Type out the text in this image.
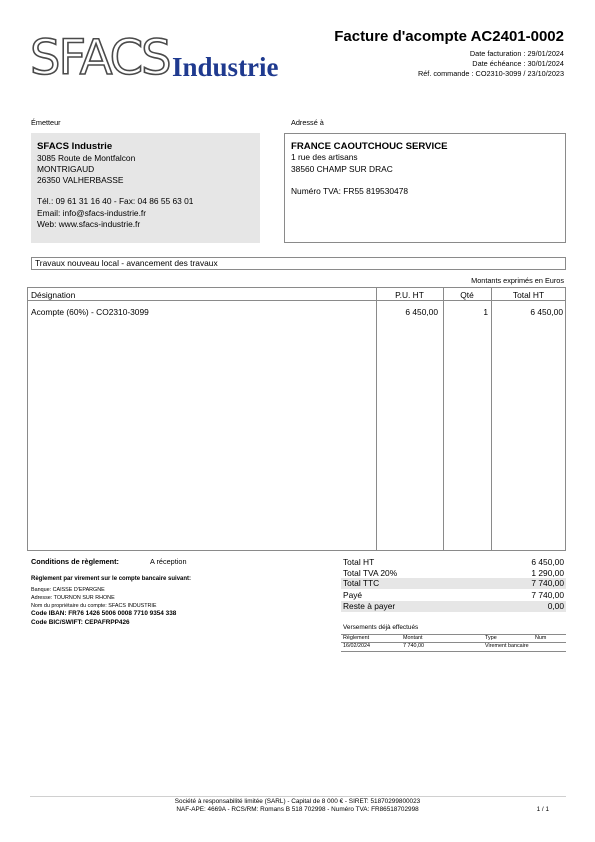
SFACS Industrie
Facture d'acompte AC2401-0002
Date facturation : 29/01/2024
Date échéance : 30/01/2024
Réf. commande : CO2310-3099 / 23/10/2023
Émetteur
SFACS Industrie
3085 Route de Montfalcon
MONTRIGAUD
26350 VALHERBASSE
Tél.: 09 61 31 16 40 - Fax: 04 86 55 63 01
Email: info@sfacs-industrie.fr
Web: www.sfacs-industrie.fr
Adressé à
FRANCE CAOUTCHOUC SERVICE
1 rue des artisans
38560 CHAMP SUR DRAC
Numéro TVA: FR55 819530478
Travaux nouveau local - avancement des travaux
Montants exprimés en Euros
Désignation	P.U. HT	Qté	Total HT
Acompte (60%) - CO2310-3099	6 450,00	1	6 450,00
Conditions de règlement:	A réception
Règlement par virement sur le compte bancaire suivant:
Banque: CAISSE D'EPARGNE
Adresse: TOURNON SUR RHONE
Nom du propriétaire du compte: SFACS INDUSTRIE
Code IBAN: FR76 1426 5006 0008 7710 9354 338
Code BIC/SWIFT: CEPAFRPP426
Total HT	6 450,00
Total TVA 20%	1 290,00
Total TTC	7 740,00
Payé	7 740,00
Reste à payer	0,00
Versements déjà effectués
Règlement	Montant	Type	Num
16/02/2024	7 740,00	Virement bancaire
Société à responsabilité limitée (SARL) - Capital de 8 000 € - SIRET: 51870299800023
NAF-APE: 4669A - RCS/RM: Romans B 518 702998 - Numéro TVA: FR86518702998	1 / 1
